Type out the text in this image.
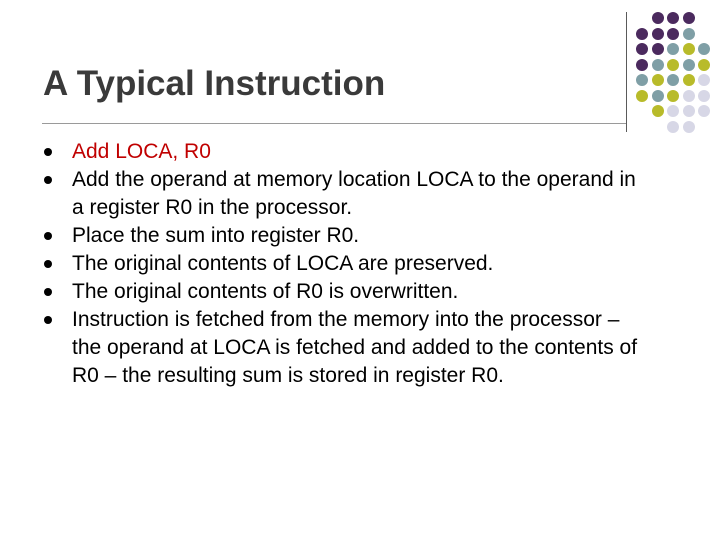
A Typical Instruction
Add LOCA, R0
Add the operand at memory location LOCA to the operand in a register R0 in the processor.
Place the sum into register R0.
The original contents of LOCA are preserved.
The original contents of R0 is overwritten.
Instruction is fetched from the memory into the processor – the operand at LOCA is fetched and added to the contents of R0 – the resulting sum is stored in register R0.
